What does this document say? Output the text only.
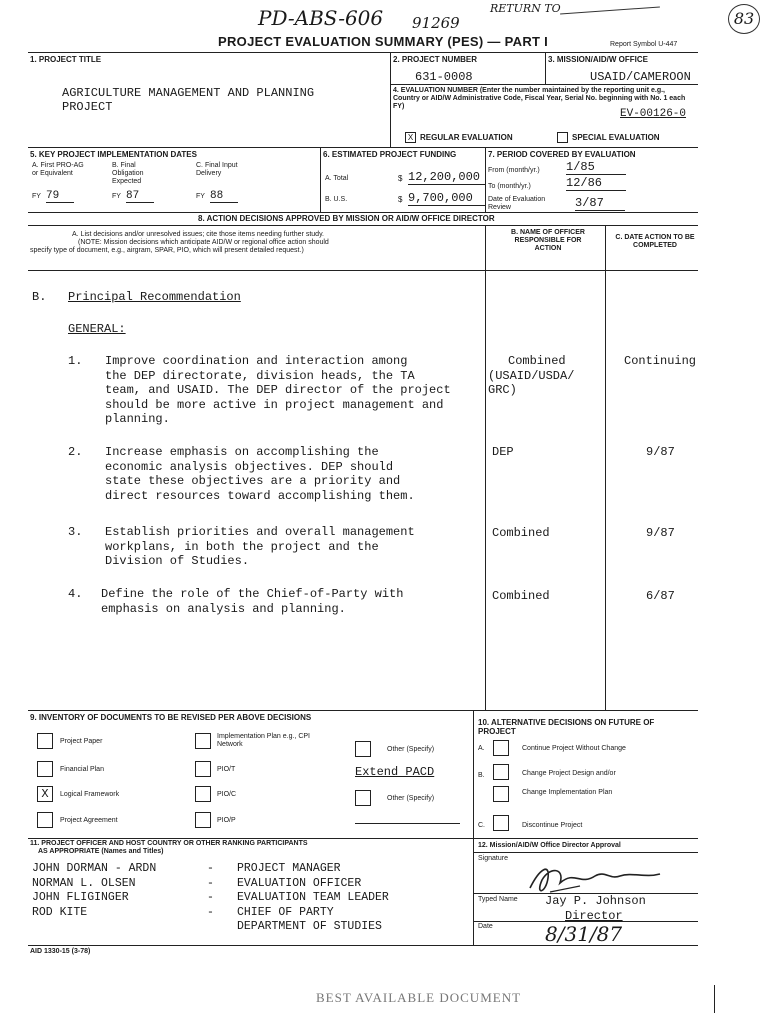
PD-ABS-606 91269
RETURN TO
83
PROJECT EVALUATION SUMMARY (PES) — PART I	Report Symbol U-447
1. PROJECT TITLE
AGRICULTURE MANAGEMENT AND PLANNING
PROJECT
2. PROJECT NUMBER
631-0008
3. MISSION/AID/W OFFICE
USAID/CAMEROON
4. EVALUATION NUMBER (Enter the number maintained by the reporting unit e.g., Country or AID/W Administrative Code, Fiscal Year, Serial No. beginning with No. 1 each FY)
EV-00126-0
X REGULAR EVALUATION	SPECIAL EVALUATION
5. KEY PROJECT IMPLEMENTATION DATES
A. First PRO-AG or Equivalent
B. Final Obligation Expected
C. Final Input Delivery
FY 79	FY 87	FY 88
6. ESTIMATED PROJECT FUNDING
A. Total	$ 12,200,000
B. U.S.	$ 9,700,000
7. PERIOD COVERED BY EVALUATION
From (month/yr.) 1/85
To (month/yr.)	12/86
Date of Evaluation Review	3/87
8. ACTION DECISIONS APPROVED BY MISSION OR AID/W OFFICE DIRECTOR
A. List decisions and/or unresolved issues; cite those items needing further study.
(NOTE: Mission decisions which anticipate AID/W or regional office action should
specify type of document, e.g., airgram, SPAR, PIO, which will present detailed request.)
B. NAME OF OFFICER RESPONSIBLE FOR ACTION
C. DATE ACTION TO BE COMPLETED
B. Principal Recommendation
GENERAL:
1. Improve coordination and interaction among
the DEP directorate, division heads, the TA
team, and USAID. The DEP director of the project
should be more active in project management and
planning.
Combined
(USAID/USDA/
GRC)
Continuing
2. Increase emphasis on accomplishing the
economic analysis objectives. DEP should
state these objectives are a priority and
direct resources toward accomplishing them.
DEP	9/87
3. Establish priorities and overall management
workplans, in both the project and the
Division of Studies.
Combined	9/87
4. Define the role of the Chief-of-Party with
emphasis on analysis and planning.
Combined	6/87
9. INVENTORY OF DOCUMENTS TO BE REVISED PER ABOVE DECISIONS
Project Paper
Financial Plan
X	Logical Framework
Project Agreement
Implementation Plan e.g., CPI Network
PIO/T
PIO/C
PIO/P
Other (Specify)
Extend PACD
Other (Specify)
10. ALTERNATIVE DECISIONS ON FUTURE OF PROJECT
A.	Continue Project Without Change
B.	Change Project Design and/or
Change Implementation Plan
C.	Discontinue Project
11. PROJECT OFFICER AND HOST COUNTRY OR OTHER RANKING PARTICIPANTS
AS APPROPRIATE (Names and Titles)
JOHN DORMAN - ARDN	-	PROJECT MANAGER
NORMAN L. OLSEN	-	EVALUATION OFFICER
JOHN FLIGINGER	-	EVALUATION TEAM LEADER
ROD KITE	-	CHIEF OF PARTY
DEPARTMENT OF STUDIES
12. Mission/AID/W Office Director Approval
Signature
Typed Name Jay P. Johnson
Director
Date	8/31/87
AID 1330-15 (3-78)
BEST AVAILABLE DOCUMENT
